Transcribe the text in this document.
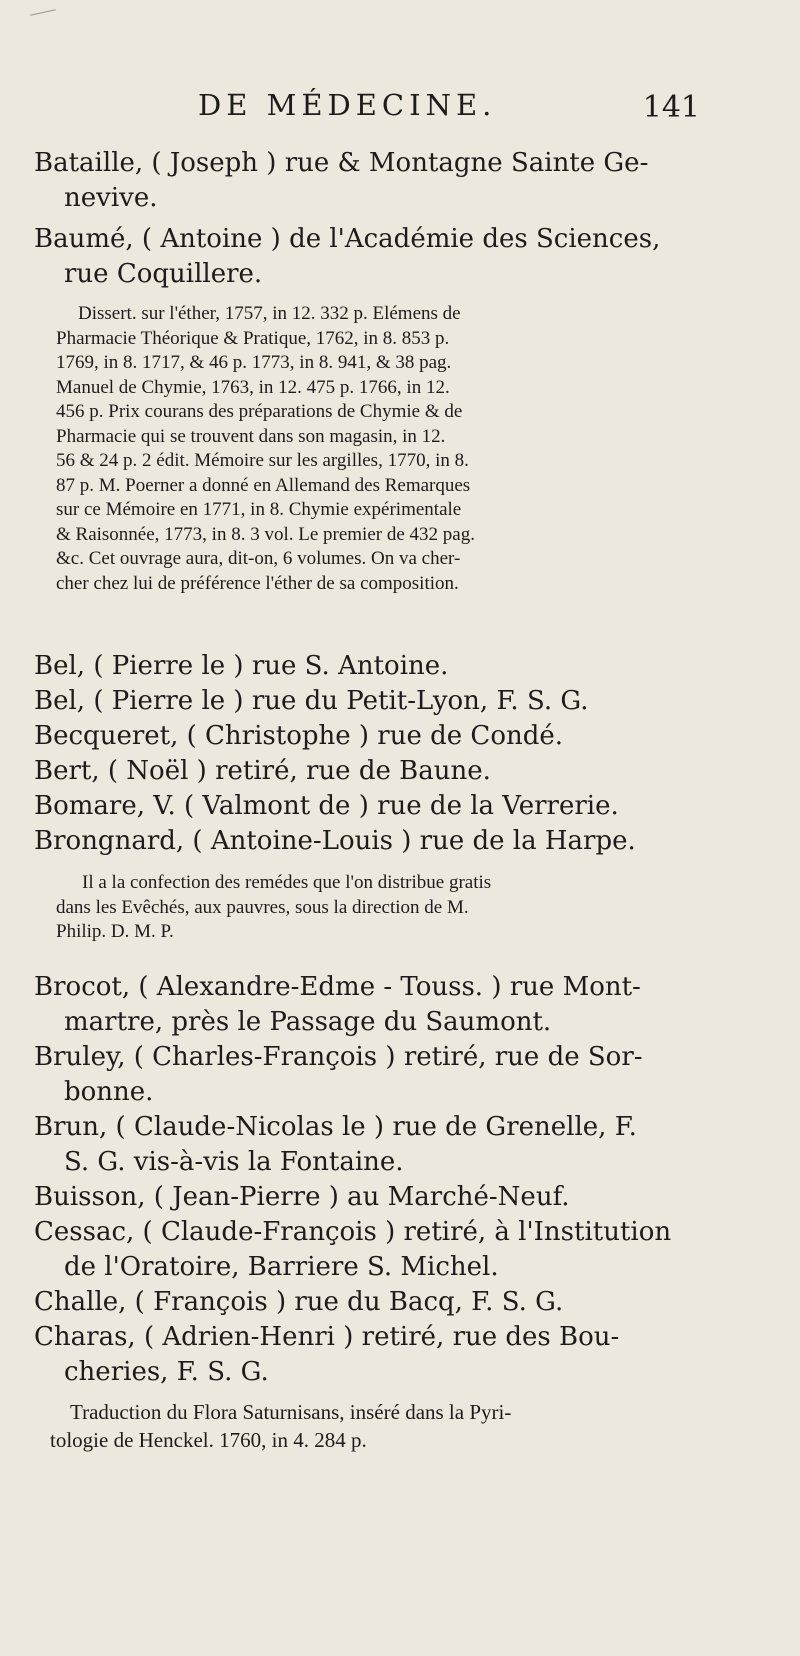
DE MÉDECINE.	141
Bataille, ( Joseph ) rue & Montagne Sainte Ge-
nevive.
Baumé, ( Antoine ) de l'Académie des Sciences,
rue Coquillere.
Dissert. sur l'éther, 1757, in 12. 332 p. Elémens de
Pharmacie Théorique & Pratique, 1762, in 8. 853 p.
1769, in 8. 1717, & 46 p. 1773, in 8. 941, & 38 pag.
Manuel de Chymie, 1763, in 12. 475 p. 1766, in 12.
456 p. Prix courans des préparations de Chymie & de
Pharmacie qui se trouvent dans son magasin, in 12.
56 & 24 p. 2 édit. Mémoire sur les argilles, 1770, in 8.
87 p. M. Poerner a donné en Allemand des Remarques
sur ce Mémoire en 1771, in 8. Chymie expérimentale
& Raisonnée, 1773, in 8. 3 vol. Le premier de 432 pag.
&c. Cet ouvrage aura, dit-on, 6 volumes. On va cher-
cher chez lui de préférence l'éther de sa composition.
Bel, ( Pierre le ) rue S. Antoine.
Bel, ( Pierre le ) rue du Petit-Lyon, F. S. G.
Becqueret, ( Christophe ) rue de Condé.
Bert, ( Noël ) retiré, rue de Baune.
Bomare, V. ( Valmont de ) rue de la Verrerie.
Brongnard, ( Antoine-Louis ) rue de la Harpe.
Il a la confection des remédes que l'on distribue gratis
dans les Evêchés, aux pauvres, sous la direction de M.
Philip. D. M. P.
Brocot, ( Alexandre-Edme - Touss. ) rue Mont-
martre, près le Passage du Saumont.
Bruley, ( Charles-François ) retiré, rue de Sor-
bonne.
Brun, ( Claude-Nicolas le ) rue de Grenelle, F.
S. G. vis-à-vis la Fontaine.
Buisson, ( Jean-Pierre ) au Marché-Neuf.
Cessac, ( Claude-François ) retiré, à l'Institution
de l'Oratoire, Barriere S. Michel.
Challe, ( François ) rue du Bacq, F. S. G.
Charas, ( Adrien-Henri ) retiré, rue des Bou-
cheries, F. S. G.
Traduction du Flora Saturnisans, inséré dans la Pyri-
tologie de Henckel. 1760, in 4. 284 p.
